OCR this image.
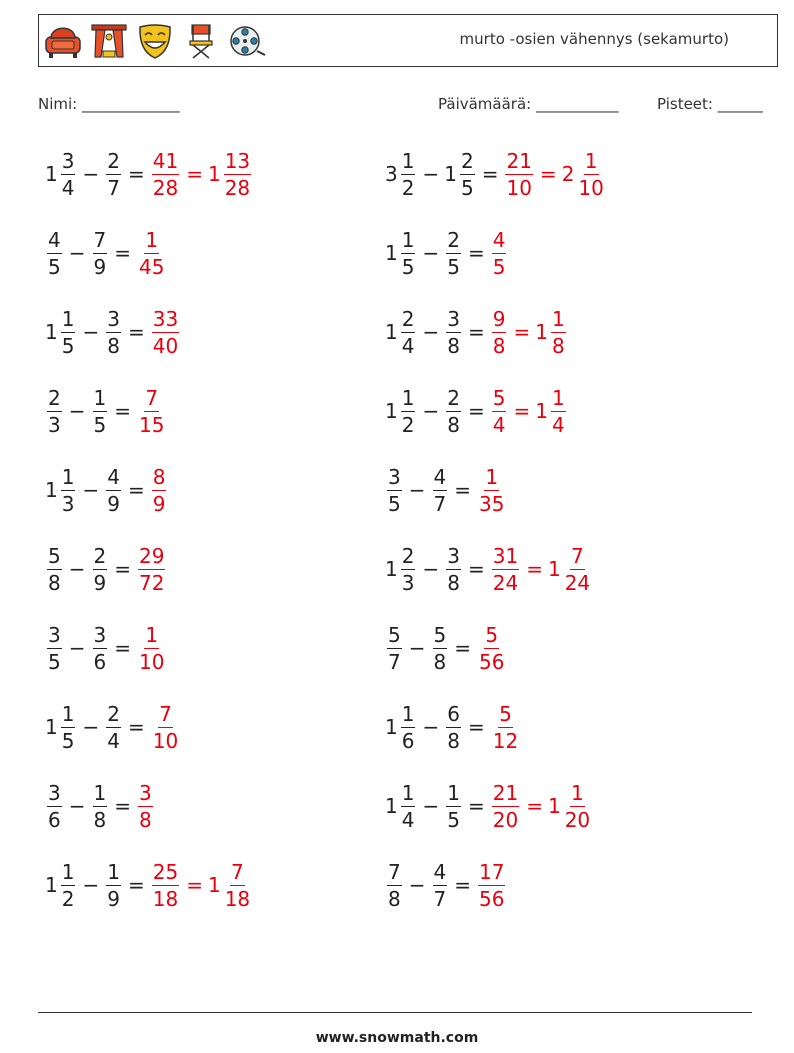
murto -osien vähennys (sekamurto)
Nimi: _____________	Päivämäärä: ___________	Pisteet: ______
$1 \frac{3}{4} - \frac{2}{7} = \frac{41}{28} = 1 \frac{13}{28}$
$\frac{4}{5} - \frac{7}{9} = \frac{1}{45}$
$1 \frac{1}{5} - \frac{3}{8} = \frac{33}{40}$
$\frac{2}{3} - \frac{1}{5} = \frac{7}{15}$
$1 \frac{1}{3} - \frac{4}{9} = \frac{8}{9}$
$\frac{5}{8} - \frac{2}{9} = \frac{29}{72}$
$\frac{3}{5} - \frac{3}{6} = \frac{1}{10}$
$1 \frac{1}{5} - \frac{2}{4} = \frac{7}{10}$
$\frac{3}{6} - \frac{1}{8} = \frac{3}{8}$
$1 \frac{1}{2} - \frac{1}{9} = \frac{25}{18} = 1 \frac{7}{18}$
$3 \frac{1}{2} - 1 \frac{2}{5} = \frac{21}{10} = 2 \frac{1}{10}$
$1 \frac{1}{5} - \frac{2}{5} = \frac{4}{5}$
$1 \frac{2}{4} - \frac{3}{8} = \frac{9}{8} = 1 \frac{1}{8}$
$1 \frac{1}{2} - \frac{2}{8} = \frac{5}{4} = 1 \frac{1}{4}$
$\frac{3}{5} - \frac{4}{7} = \frac{1}{35}$
$1 \frac{2}{3} - \frac{3}{8} = \frac{31}{24} = 1 \frac{7}{24}$
$\frac{5}{7} - \frac{5}{8} = \frac{5}{56}$
$1 \frac{1}{6} - \frac{6}{8} = \frac{5}{12}$
$1 \frac{1}{4} - \frac{1}{5} = \frac{21}{20} = 1 \frac{1}{20}$
$\frac{7}{8} - \frac{4}{7} = \frac{17}{56}$
www.snowmath.com
